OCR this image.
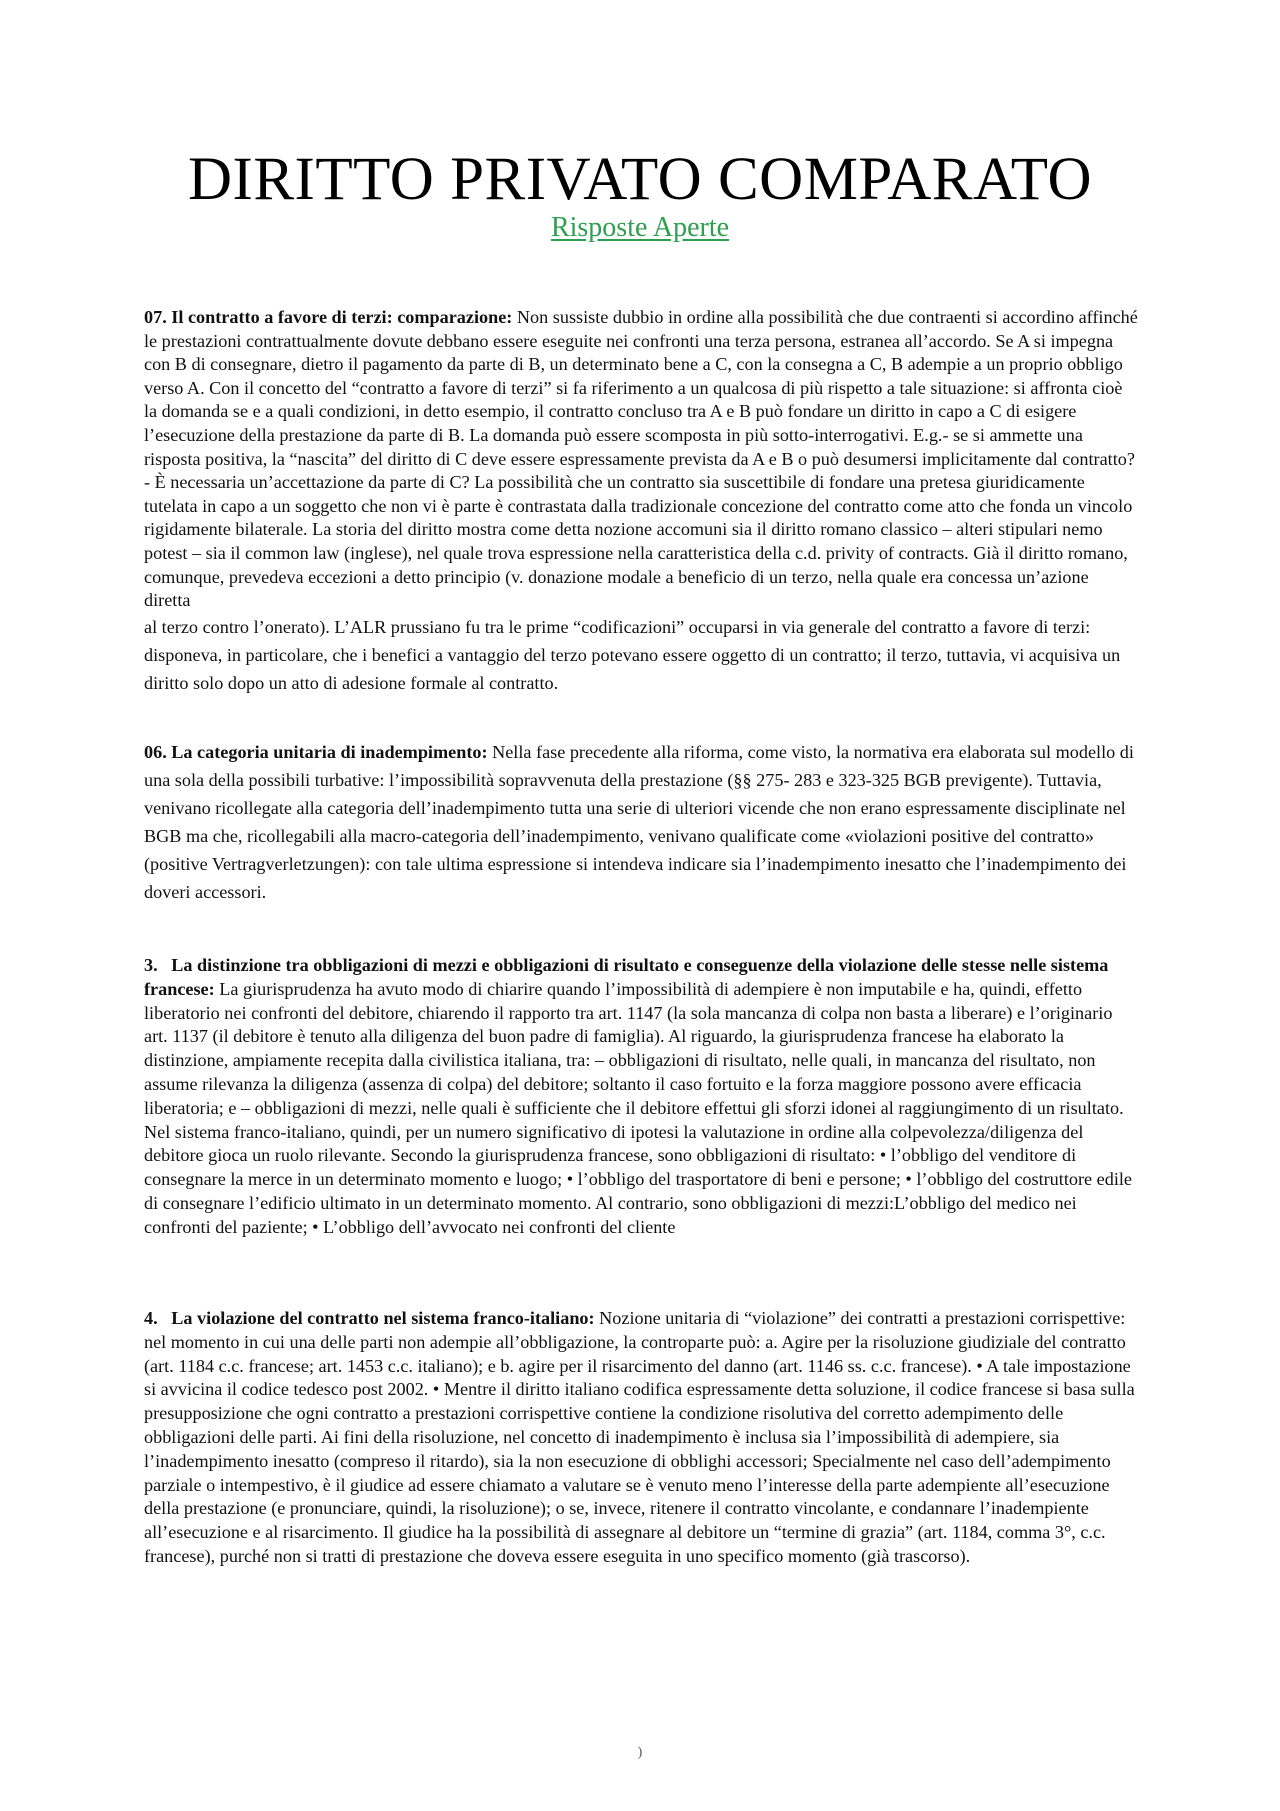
DIRITTO PRIVATO COMPARATO
Risposte Aperte

07. Il contratto a favore di terzi: comparazione: Non sussiste dubbio in ordine alla possibilità che due contraenti si accordino affinché le prestazioni contrattualmente dovute debbano essere eseguite nei confronti una terza persona, estranea all’accordo. Se A si impegna con B di consegnare, dietro il pagamento da parte di B, un determinato bene a C, con la consegna a C, B adempie a un proprio obbligo verso A. Con il concetto del “contratto a favore di terzi” si fa riferimento a un qualcosa di più rispetto a tale situazione: si affronta cioè la domanda se e a quali condizioni, in detto esempio, il contratto concluso tra A e B può fondare un diritto in capo a C di esigere l’esecuzione della prestazione da parte di B. La domanda può essere scomposta in più sotto-interrogativi. E.g.- se si ammette una risposta positiva, la “nascita” del diritto di C deve essere espressamente prevista da A e B o può desumersi implicitamente dal contratto? - È necessaria un’accettazione da parte di C? La possibilità che un contratto sia suscettibile di fondare una pretesa giuridicamente tutelata in capo a un soggetto che non vi è parte è contrastata dalla tradizionale concezione del contratto come atto che fonda un vincolo rigidamente bilaterale. La storia del diritto mostra come detta nozione accomuni sia il diritto romano classico – alteri stipulari nemo potest – sia il common law (inglese), nel quale trova espressione nella caratteristica della c.d. privity of contracts. Già il diritto romano, comunque, prevedeva eccezioni a detto principio (v. donazione modale a beneficio di un terzo, nella quale era concessa un’azione diretta

al terzo contro l’onerato). L’ALR prussiano fu tra le prime “codificazioni” occuparsi in via generale del contratto a favore di terzi: disponeva, in particolare, che i benefici a vantaggio del terzo potevano essere oggetto di un contratto; il terzo, tuttavia, vi acquisiva un diritto solo dopo un atto di adesione formale al contratto.

06. La categoria unitaria di inadempimento: Nella fase precedente alla riforma, come visto, la normativa era elaborata sul modello di una sola della possibili turbative: l’impossibilità sopravvenuta della prestazione (§§ 275- 283 e 323-325 BGB previgente). Tuttavia, venivano ricollegate alla categoria dell’inadempimento tutta una serie di ulteriori vicende che non erano espressamente disciplinate nel BGB ma che, ricollegabili alla macro-categoria dell’inadempimento, venivano qualificate come «violazioni positive del contratto» (positive Vertragverletzungen): con tale ultima espressione si intendeva indicare sia l’inadempimento inesatto che l’inadempimento dei doveri accessori.

3. La distinzione tra obbligazioni di mezzi e obbligazioni di risultato e conseguenze della violazione delle stesse nelle sistema francese: La giurisprudenza ha avuto modo di chiarire quando l’impossibilità di adempiere è non imputabile e ha, quindi, effetto liberatorio nei confronti del debitore, chiarendo il rapporto tra art. 1147 (la sola mancanza di colpa non basta a liberare) e l’originario art. 1137 (il debitore è tenuto alla diligenza del buon padre di famiglia). Al riguardo, la giurisprudenza francese ha elaborato la distinzione, ampiamente recepita dalla civilistica italiana, tra: – obbligazioni di risultato, nelle quali, in mancanza del risultato, non assume rilevanza la diligenza (assenza di colpa) del debitore; soltanto il caso fortuito e la forza maggiore possono avere efficacia liberatoria; e – obbligazioni di mezzi, nelle quali è sufficiente che il debitore effettui gli sforzi idonei al raggiungimento di un risultato. Nel sistema franco-italiano, quindi, per un numero significativo di ipotesi la valutazione in ordine alla colpevolezza/diligenza del debitore gioca un ruolo rilevante. Secondo la giurisprudenza francese, sono obbligazioni di risultato: • l’obbligo del venditore di consegnare la merce in un determinato momento e luogo; • l’obbligo del trasportatore di beni e persone; • l’obbligo del costruttore edile di consegnare l’edificio ultimato in un determinato momento. Al contrario, sono obbligazioni di mezzi:L’obbligo del medico nei confronti del paziente; • L’obbligo dell’avvocato nei confronti del cliente

4. La violazione del contratto nel sistema franco-italiano: Nozione unitaria di “violazione” dei contratti a prestazioni corrispettive: nel momento in cui una delle parti non adempie all’obbligazione, la controparte può: a. Agire per la risoluzione giudiziale del contratto (art. 1184 c.c. francese; art. 1453 c.c. italiano); e b. agire per il risarcimento del danno (art. 1146 ss. c.c. francese). • A tale impostazione si avvicina il codice tedesco post 2002. • Mentre il diritto italiano codifica espressamente detta soluzione, il codice francese si basa sulla presupposizione che ogni contratto a prestazioni corrispettive contiene la condizione risolutiva del corretto adempimento delle obbligazioni delle parti. Ai fini della risoluzione, nel concetto di inadempimento è inclusa sia l’impossibilità di adempiere, sia l’inadempimento inesatto (compreso il ritardo), sia la non esecuzione di obblighi accessori; Specialmente nel caso dell’adempimento parziale o intempestivo, è il giudice ad essere chiamato a valutare se è venuto meno l’interesse della parte adempiente all’esecuzione della prestazione (e pronunciare, quindi, la risoluzione); o se, invece, ritenere il contratto vincolante, e condannare l’inadempiente all’esecuzione e al risarcimento. Il giudice ha la possibilità di assegnare al debitore un “termine di grazia” (art. 1184, comma 3°, c.c. francese), purché non si tratti di prestazione che doveva essere eseguita in uno specifico momento (già trascorso).

)
